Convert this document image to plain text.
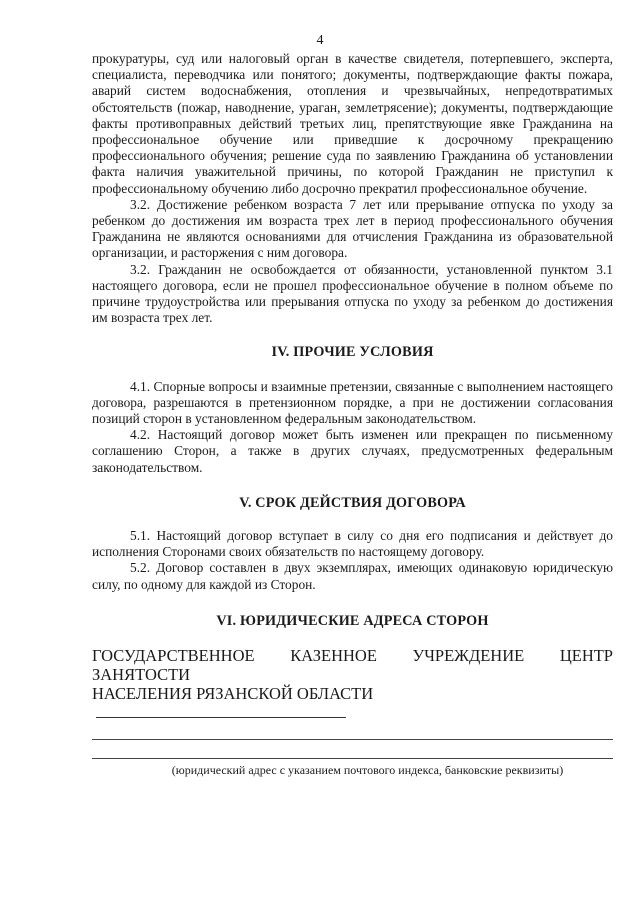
4

прокуратуры, суд или налоговый орган в качестве свидетеля, потерпевшего, эксперта, специалиста, переводчика или понятого; документы, подтверждающие факты пожара, аварий систем водоснабжения, отопления и чрезвычайных, непредотвратимых обстоятельств (пожар, наводнение, ураган, землетрясение); документы, подтверждающие факты противоправных действий третьих лиц, препятствующие явке Гражданина на профессиональное обучение или приведшие к досрочному прекращению профессионального обучения; решение суда по заявлению Гражданина об установлении факта наличия уважительной причины, по которой Гражданин не приступил к профессиональному обучению либо досрочно прекратил профессиональное обучение.

3.2. Достижение ребенком возраста 7 лет или прерывание отпуска по уходу за ребенком до достижения им возраста трех лет в период профессионального обучения Гражданина не являются основаниями для отчисления Гражданина из образовательной организации, и расторжения с ним договора.

3.2. Гражданин не освобождается от обязанности, установленной пунктом 3.1 настоящего договора, если не прошел профессиональное обучение в полном объеме по причине трудоустройства или прерывания отпуска по уходу за ребенком до достижения им возраста трех лет.

IV. ПРОЧИЕ УСЛОВИЯ

4.1. Спорные вопросы и взаимные претензии, связанные с выполнением настоящего договора, разрешаются в претензионном порядке, а при не достижении согласования позиций сторон в установленном федеральным законодательством.

4.2. Настоящий договор может быть изменен или прекращен по письменному соглашению Сторон, а также в других случаях, предусмотренных федеральным законодательством.

V. СРОК ДЕЙСТВИЯ ДОГОВОРА

5.1. Настоящий договор вступает в силу со дня его подписания и действует до исполнения Сторонами своих обязательств по настоящему договору.

5.2. Договор составлен в двух экземплярах, имеющих одинаковую юридическую силу, по одному для каждой из Сторон.

VI. ЮРИДИЧЕСКИЕ АДРЕСА СТОРОН

ГОСУДАРСТВЕННОЕ КАЗЕННОЕ УЧРЕЖДЕНИЕ ЦЕНТР ЗАНЯТОСТИ

НАСЕЛЕНИЯ РЯЗАНСКОЙ ОБЛАСТИ

(юридический адрес с указанием почтового индекса, банковские реквизиты)
